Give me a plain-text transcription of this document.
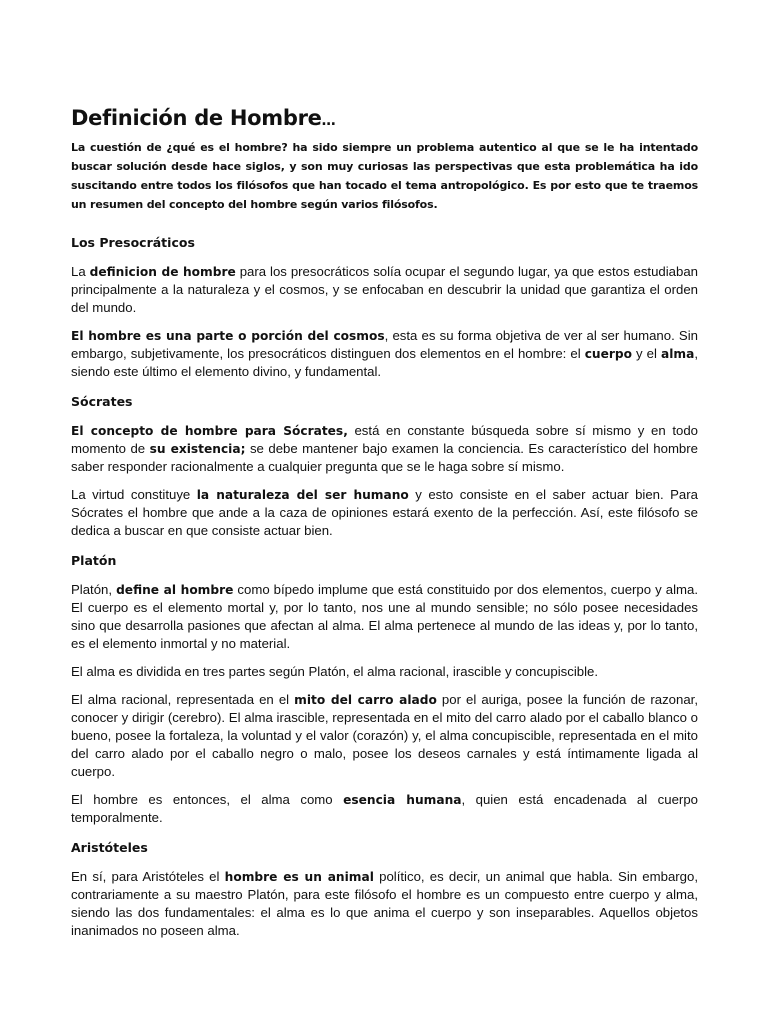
Definición de Hombre…

La cuestión de ¿qué es el hombre? ha sido siempre un problema autentico al que se le ha intentado buscar solución desde hace siglos, y son muy curiosas las perspectivas que esta problemática ha ido suscitando entre todos los filósofos que han tocado el tema antropológico. Es por esto que te traemos un resumen del concepto del hombre según varios filósofos.

Los Presocráticos

La definicion de hombre para los presocráticos solía ocupar el segundo lugar, ya que estos estudiaban principalmente a la naturaleza y el cosmos, y se enfocaban en descubrir la unidad que garantiza el orden del mundo.

El hombre es una parte o porción del cosmos, esta es su forma objetiva de ver al ser humano. Sin embargo, subjetivamente, los presocráticos distinguen dos elementos en el hombre: el cuerpo y el alma, siendo este último el elemento divino, y fundamental.

Sócrates

El concepto de hombre para Sócrates, está en constante búsqueda sobre sí mismo y en todo momento de su existencia; se debe mantener bajo examen la conciencia. Es característico del hombre saber responder racionalmente a cualquier pregunta que se le haga sobre sí mismo.

La virtud constituye la naturaleza del ser humano y esto consiste en el saber actuar bien. Para Sócrates el hombre que ande a la caza de opiniones estará exento de la perfección. Así, este filósofo se dedica a buscar en que consiste actuar bien.

Platón

Platón, define al hombre como bípedo implume que está constituido por dos elementos, cuerpo y alma. El cuerpo es el elemento mortal y, por lo tanto, nos une al mundo sensible; no sólo posee necesidades sino que desarrolla pasiones que afectan al alma. El alma pertenece al mundo de las ideas y, por lo tanto, es el elemento inmortal y no material.

El alma es dividida en tres partes según Platón, el alma racional, irascible y concupiscible.

El alma racional, representada en el mito del carro alado por el auriga, posee la función de razonar, conocer y dirigir (cerebro). El alma irascible, representada en el mito del carro alado por el caballo blanco o bueno, posee la fortaleza, la voluntad y el valor (corazón) y, el alma concupiscible, representada en el mito del carro alado por el caballo negro o malo, posee los deseos carnales y está íntimamente ligada al cuerpo.

El hombre es entonces, el alma como esencia humana, quien está encadenada al cuerpo temporalmente.

Aristóteles

En sí, para Aristóteles el hombre es un animal político, es decir, un animal que habla. Sin embargo, contrariamente a su maestro Platón, para este filósofo el hombre es un compuesto entre cuerpo y alma, siendo las dos fundamentales: el alma es lo que anima el cuerpo y son inseparables. Aquellos objetos inanimados no poseen alma.
